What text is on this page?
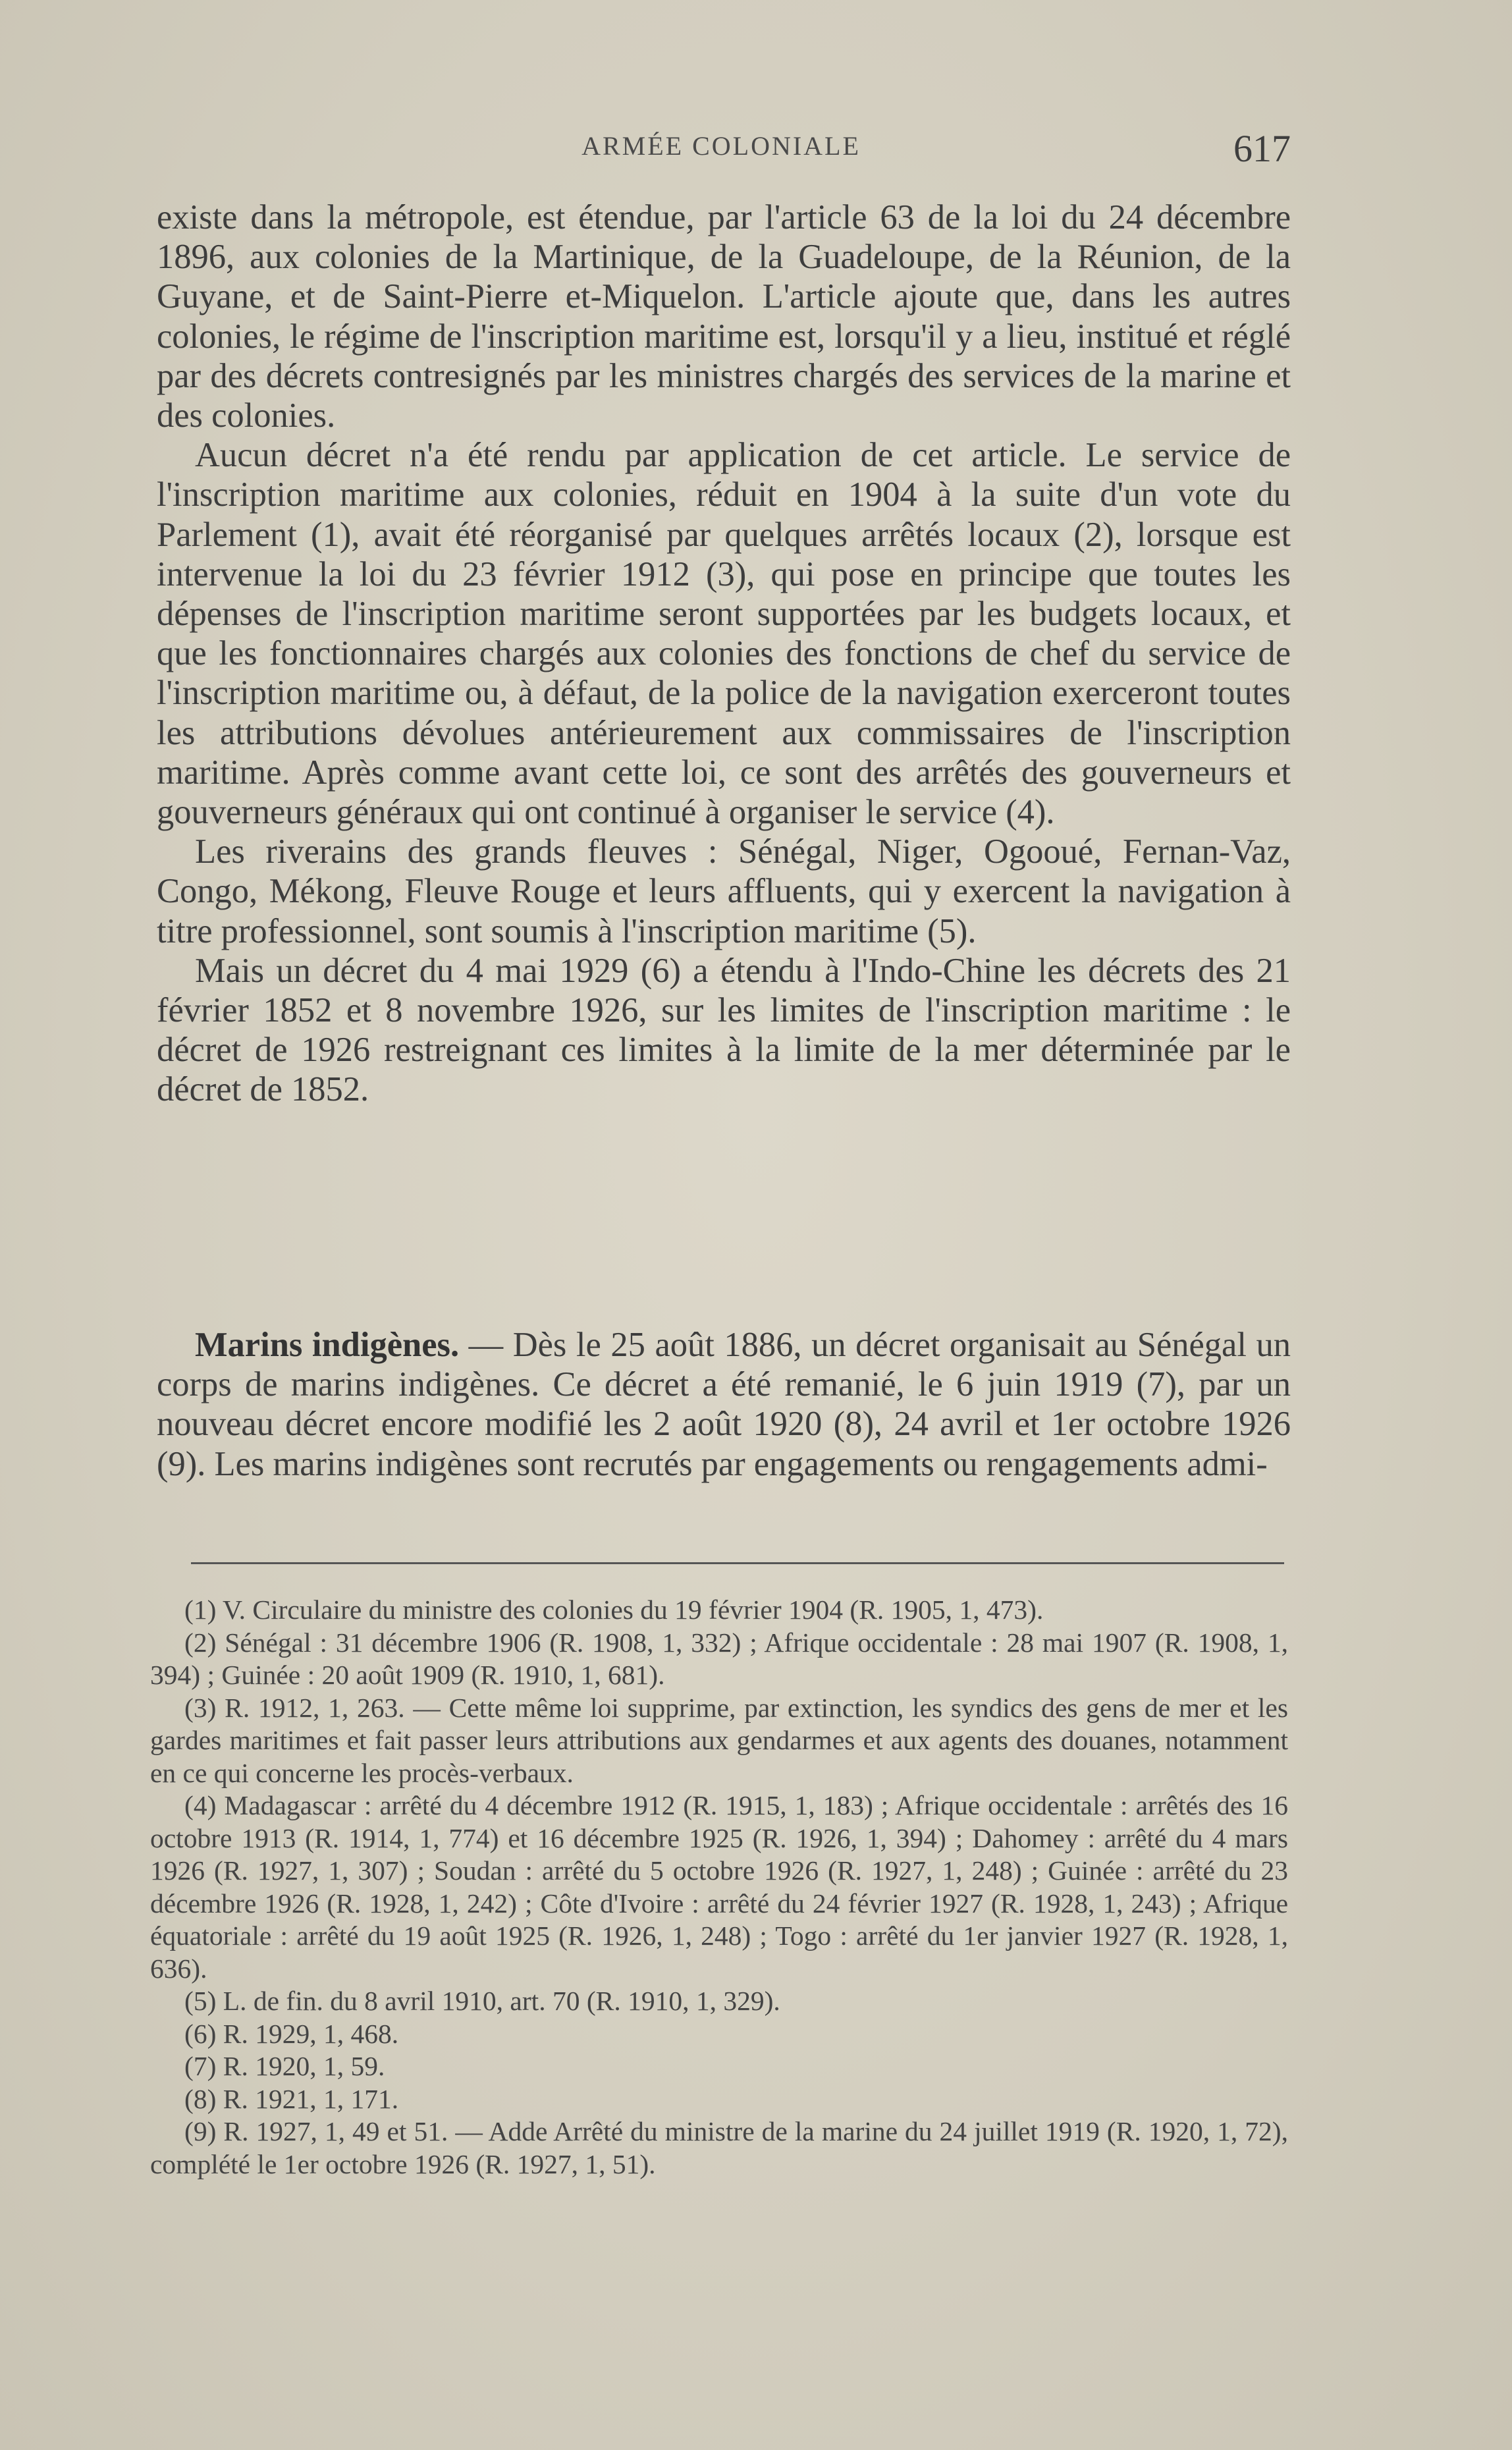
ARMÉE COLONIALE	617

existe dans la métropole, est étendue, par l'article 63 de la loi du 24 décembre 1896, aux colonies de la Martinique, de la Guadeloupe, de la Réunion, de la Guyane, et de Saint-Pierre et-Miquelon. L'article ajoute que, dans les autres colonies, le régime de l'inscription maritime est, lorsqu'il y a lieu, institué et réglé par des décrets contresignés par les ministres chargés des services de la marine et des colonies.

Aucun décret n'a été rendu par application de cet article. Le service de l'inscription maritime aux colonies, réduit en 1904 à la suite d'un vote du Parlement (1), avait été réorganisé par quelques arrêtés locaux (2), lorsque est intervenue la loi du 23 février 1912 (3), qui pose en principe que toutes les dépenses de l'inscription maritime seront supportées par les budgets locaux, et que les fonctionnaires chargés aux colonies des fonctions de chef du service de l'inscription maritime ou, à défaut, de la police de la navigation exerceront toutes les attributions dévolues antérieurement aux commissaires de l'inscription maritime. Après comme avant cette loi, ce sont des arrêtés des gouverneurs et gouverneurs généraux qui ont continué à organiser le service (4).

Les riverains des grands fleuves : Sénégal, Niger, Ogooué, Fernan-Vaz, Congo, Mékong, Fleuve Rouge et leurs affluents, qui y exercent la navigation à titre professionnel, sont soumis à l'inscription maritime (5).

Mais un décret du 4 mai 1929 (6) a étendu à l'Indo-Chine les décrets des 21 février 1852 et 8 novembre 1926, sur les limites de l'inscription maritime : le décret de 1926 restreignant ces limites à la limite de la mer déterminée par le décret de 1852.

Marins indigènes. — Dès le 25 août 1886, un décret organisait au Sénégal un corps de marins indigènes. Ce décret a été remanié, le 6 juin 1919 (7), par un nouveau décret encore modifié les 2 août 1920 (8), 24 avril et 1er octobre 1926 (9). Les marins indigènes sont recrutés par engagements ou rengagements admi-

(1) V. Circulaire du ministre des colonies du 19 février 1904 (R. 1905, 1, 473).

(2) Sénégal : 31 décembre 1906 (R. 1908, 1, 332) ; Afrique occidentale : 28 mai 1907 (R. 1908, 1, 394) ; Guinée : 20 août 1909 (R. 1910, 1, 681).

(3) R. 1912, 1, 263. — Cette même loi supprime, par extinction, les syndics des gens de mer et les gardes maritimes et fait passer leurs attributions aux gendarmes et aux agents des douanes, notamment en ce qui concerne les procès-verbaux.

(4) Madagascar : arrêté du 4 décembre 1912 (R. 1915, 1, 183) ; Afrique occidentale : arrêtés des 16 octobre 1913 (R. 1914, 1, 774) et 16 décembre 1925 (R. 1926, 1, 394) ; Dahomey : arrêté du 4 mars 1926 (R. 1927, 1, 307) ; Soudan : arrêté du 5 octobre 1926 (R. 1927, 1, 248) ; Guinée : arrêté du 23 décembre 1926 (R. 1928, 1, 242) ; Côte d'Ivoire : arrêté du 24 février 1927 (R. 1928, 1, 243) ; Afrique équatoriale : arrêté du 19 août 1925 (R. 1926, 1, 248) ; Togo : arrêté du 1er janvier 1927 (R. 1928, 1, 636).

(5) L. de fin. du 8 avril 1910, art. 70 (R. 1910, 1, 329).

(6) R. 1929, 1, 468.

(7) R. 1920, 1, 59.

(8) R. 1921, 1, 171.

(9) R. 1927, 1, 49 et 51. — Adde Arrêté du ministre de la marine du 24 juillet 1919 (R. 1920, 1, 72), complété le 1er octobre 1926 (R. 1927, 1, 51).
